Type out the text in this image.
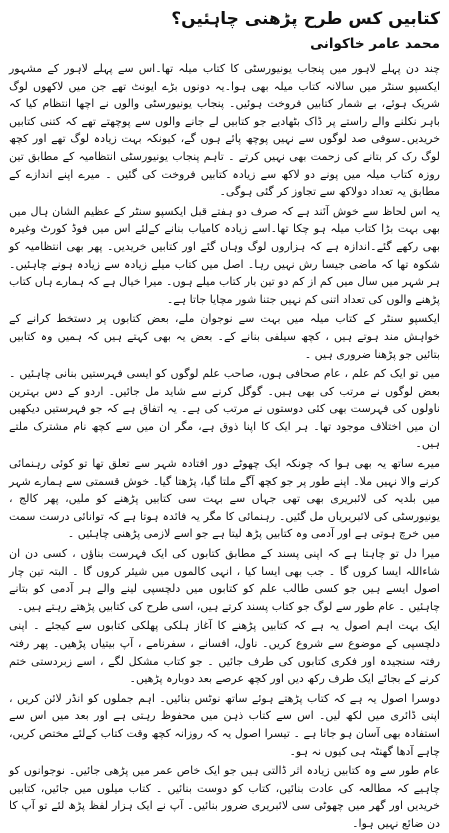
کتابیں کس طرح پڑھنی چاہئیں؟
محمد عامر خاکوانی

چند دن پہلے لاہور میں پنجاب یونیورسٹی کا کتاب میلہ تھا۔اس سے پہلے لاہور کے مشہور ایکسپو سنٹر میں سالانہ کتاب میلہ بھی ہوا۔یہ دونوں بڑے ایونٹ تھے جن میں لاکھوں لوگ شریک ہوئے، بے شمار کتابیں فروخت ہوئیں۔ پنجاب یونیورسٹی والوں نے اچھا انتظام کیا کہ باہر نکلنے والے راستے پر ڈاک بٹھادیے جو کتابیں لے جانے والوں سے پوچھتے تھے کہ کتنی کتابیں خریدیں۔سوفی صد لوگوں سے نہیں پوچھ پائے ہوں گے، کیونکہ بہت زیادہ لوگ تھے اور کچھ لوگ رک کر بتانے کی زحمت بھی نہیں کرتے ۔ تاہم پنجاب یونیورسٹی انتظامیہ کے مطابق تین روزہ کتاب میلہ میں پونے دو لاکھ سے زیادہ کتابیں فروخت کی گئیں ۔ میرے اپنے اندازے کے مطابق یہ تعداد دولاکھ سے تجاوز کر گئی ہوگی۔

یہ اس لحاظ سے خوش آئند ہے کہ صرف دو ہفتے قبل ایکسپو سنٹر کے عظیم الشان ہال میں بھی بہت بڑا کتاب میلہ ہو چکا تھا۔اسے زیادہ کامیاب بنانے کےلئے اس میں فوڈ کورٹ وغیرہ بھی رکھے گئے۔اندازہ ہے کہ ہزاروں لوگ وہاں گئے اور کتابیں خریدیں۔ پھر بھی انتظامیہ کو شکوہ تھا کہ ماضی جیسا رش نہیں رہا۔ اصل میں کتاب میلے زیادہ سے زیادہ ہونے چاہئیں۔ ہر شہر میں سال میں کم از کم دو تین بار کتاب میلے ہوں۔ میرا خیال ہے کہ ہمارے ہاں کتاب پڑھنے والوں کی تعداد اتنی کم نہیں جتنا شور مچایا جاتا ہے۔

ایکسپو سنٹر کے کتاب میلہ میں بہت سے نوجوان ملے، بعض کتابوں پر دستخط کرانے کے خواہش مند ہوتے ہیں ، کچھ سیلفی بنانے کے۔ بعض یہ بھی کہتے ہیں کہ ہمیں وہ کتابیں بتائیں جو پڑھنا ضروری ہیں ۔

میں تو ایک کم علم ، عام صحافی ہوں، صاحب علم لوگوں کو ایسی فہرستیں بنانی چاہئیں ۔ بعض لوگوں نے مرتب کی بھی ہیں۔ گوگل کرنے سے شاید مل جائیں۔ اردو کے دس بہترین ناولوں کی فہرست بھی کئی دوستوں نے مرتب کی ہے۔ یہ اتفاق ہے کہ جو فہرستیں دیکھیں ان میں اختلاف موجود تھا۔ ہر ایک کا اپنا ذوق ہے، مگر ان میں سے کچھ نام مشترک ملتے ہیں۔

میرے ساتھ یہ بھی ہوا کہ چونکہ ایک چھوٹے دور افتادہ شہر سے تعلق تھا تو کوئی رہنمائی کرنے والا نہیں ملا۔ اپنے طور پر جو کچھ آگے ملتا گیا، پڑھتا گیا۔ خوش قسمتی سے ہمارے شہر میں بلدیہ کی لائبریری بھی تھی جہاں سے بہت سی کتابیں پڑھنے کو ملیں، پھر کالج ، یونیورسٹی کی لائبریریاں مل گئیں۔ رہنمائی کا مگر یہ فائدہ ہوتا ہے کہ توانائی درست سمت میں خرچ ہوتی ہے اور آدمی وہ کتابیں پڑھ لیتا ہے جو اسے لازمی پڑھنی چاہئیں ۔

میرا دل تو چاہتا ہے کہ اپنی پسند کے مطابق کتابوں کی ایک فہرست بناؤں ، کسی دن ان شاءاللہ ایسا کروں گا ۔ جب بھی ایسا کیا ، انہی کالموں میں شیئر کروں گا ۔ البتہ تین چار اصول ایسے ہیں جو کسی طالب علم کو کتابوں میں دلچسپی لینے والے ہر آدمی کو بتانے چاہئیں ۔ عام طور سے لوگ جو کتاب پسند کرتے ہیں، اسی طرح کی کتابیں پڑھتے رہتے ہیں۔

ایک بہت اہم اصول یہ ہے کہ کتابیں پڑھنے کا آغاز ہلکی پھلکی کتابوں سے کیجئے ۔ اپنی دلچسپی کے موضوع سے شروع کریں۔ ناول، افسانے ، سفرنامے ، آپ بیتیاں پڑھیں۔ پھر رفتہ رفتہ سنجیدہ اور فکری کتابوں کی طرف جائیں ۔ جو کتاب مشکل لگے ، اسے زبردستی ختم کرنے کے بجائے ایک طرف رکھ دیں اور کچھ عرصے بعد دوبارہ پڑھیں۔

دوسرا اصول یہ ہے کہ کتاب پڑھتے ہوئے ساتھ نوٹس بنائیں۔ اہم جملوں کو انڈر لائن کریں ، اپنی ڈائری میں لکھ لیں۔ اس سے کتاب ذہن میں محفوظ رہتی ہے اور بعد میں اس سے استفادہ بھی آسان ہو جاتا ہے ۔ تیسرا اصول یہ کہ روزانہ کچھ وقت کتاب کےلئے مختص کریں، چاہے آدھا گھنٹہ ہی کیوں نہ ہو۔

عام طور سے وہ کتابیں زیادہ اثر ڈالتی ہیں جو ایک خاص عمر میں پڑھی جائیں۔ نوجوانوں کو چاہیے کہ مطالعہ کی عادت بنائیں، کتاب کو دوست بنائیں ۔ کتاب میلوں میں جائیں، کتابیں خریدیں اور گھر میں چھوٹی سی لائبریری ضرور بنائیں۔ آپ نے ایک ہزار لفظ پڑھ لئے تو آپ کا دن ضائع نہیں ہوا۔
